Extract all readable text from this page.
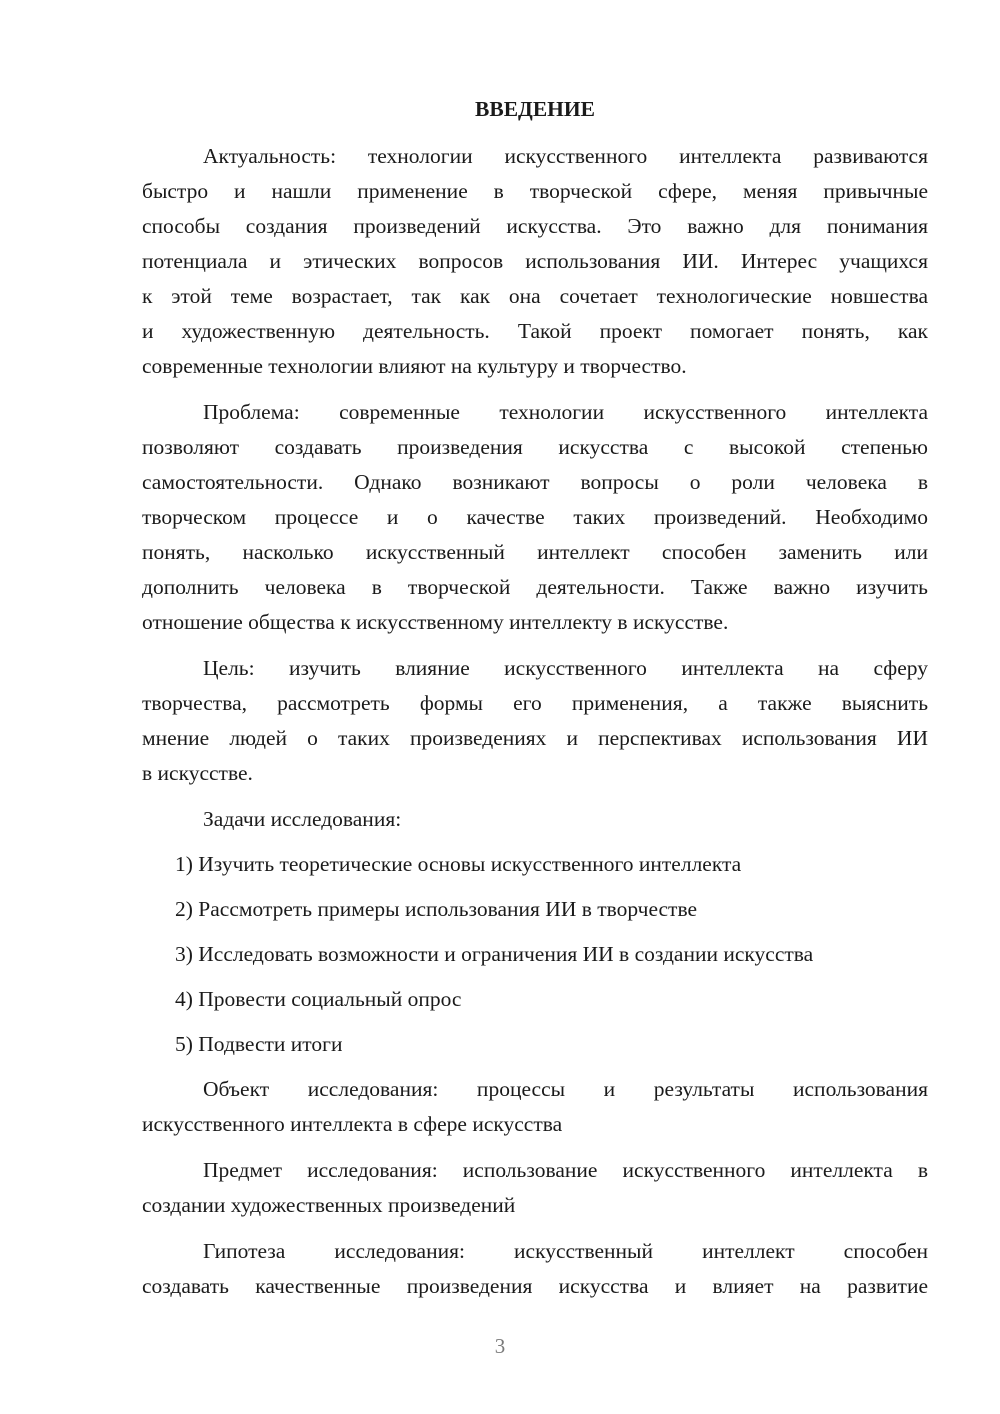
ВВЕДЕНИЕ
Актуальность: технологии искусственного интеллекта развиваются
быстро и нашли применение в творческой сфере, меняя привычные
способы создания произведений искусства. Это важно для понимания
потенциала и этических вопросов использования ИИ. Интерес учащихся
к этой теме возрастает, так как она сочетает технологические новшества
и художественную деятельность. Такой проект помогает понять, как
современные технологии влияют на культуру и творчество.
Проблема: современные технологии искусственного интеллекта
позволяют создавать произведения искусства с высокой степенью
самостоятельности. Однако возникают вопросы о роли человека в
творческом процессе и о качестве таких произведений. Необходимо
понять, насколько искусственный интеллект способен заменить или
дополнить человека в творческой деятельности. Также важно изучить
отношение общества к искусственному интеллекту в искусстве.
Цель: изучить влияние искусственного интеллекта на сферу
творчества, рассмотреть формы его применения, а также выяснить
мнение людей о таких произведениях и перспективах использования ИИ
в искусстве.
Задачи исследования:
1) Изучить теоретические основы искусственного интеллекта
2) Рассмотреть примеры использования ИИ в творчестве
3) Исследовать возможности и ограничения ИИ в создании искусства
4) Провести социальный опрос
5) Подвести итоги
Объект исследования: процессы и результаты использования
искусственного интеллекта в сфере искусства
Предмет исследования: использование искусственного интеллекта в
создании художественных произведений
Гипотеза исследования: искусственный интеллект способен
создавать качественные произведения искусства и влияет на развитие
3
